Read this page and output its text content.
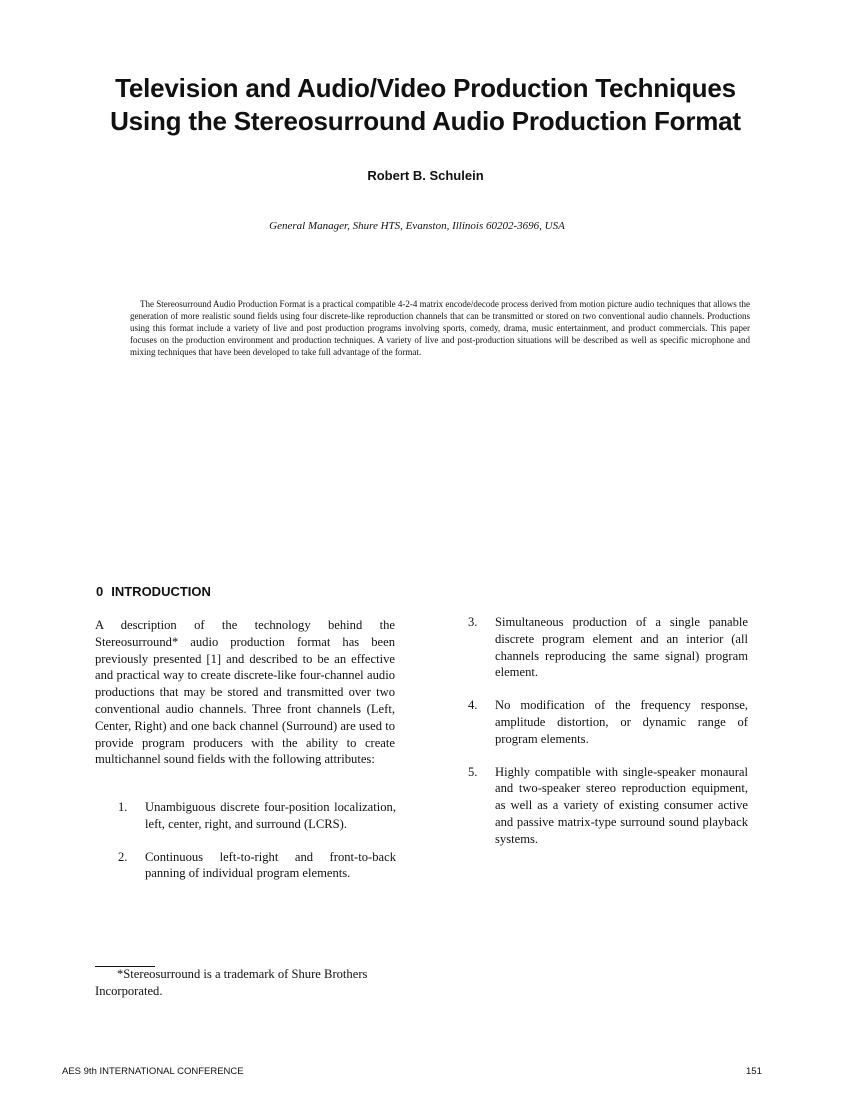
Television and Audio/Video Production Techniques
Using the Stereosurround Audio Production Format
Robert B. Schulein
General Manager, Shure HTS, Evanston, Illinois 60202-3696, USA

The Stereosurround Audio Production Format is a practical compatible 4-2-4 matrix encode/decode process derived from motion picture audio techniques that allows the generation of more realistic sound fields using four discrete-like reproduction channels that can be transmitted or stored on two conventional audio channels. Productions using this format include a variety of live and post production programs involving sports, comedy, drama, music entertainment, and product commercials. This paper focuses on the production environment and production techniques. A variety of live and post-production situations will be described as well as specific microphone and mixing techniques that have been developed to take full advantage of the format.

0 INTRODUCTION

A description of the technology behind the Stereosurround* audio production format has been previously presented [1] and described to be an effective and practical way to create discrete-like four-channel audio productions that may be stored and transmitted over two conventional audio channels. Three front channels (Left, Center, Right) and one back channel (Surround) are used to provide program producers with the ability to create multichannel sound fields with the following attributes:

1. Unambiguous discrete four-position localization, left, center, right, and surround (LCRS).
2. Continuous left-to-right and front-to-back panning of individual program elements.
3. Simultaneous production of a single panable discrete program element and an interior (all channels reproducing the same signal) program element.
4. No modification of the frequency response, amplitude distortion, or dynamic range of program elements.
5. Highly compatible with single-speaker monaural and two-speaker stereo reproduction equipment, as well as a variety of existing consumer active and passive matrix-type surround sound playback systems.

*Stereosurround is a trademark of Shure Brothers Incorporated.

AES 9th INTERNATIONAL CONFERENCE	151
